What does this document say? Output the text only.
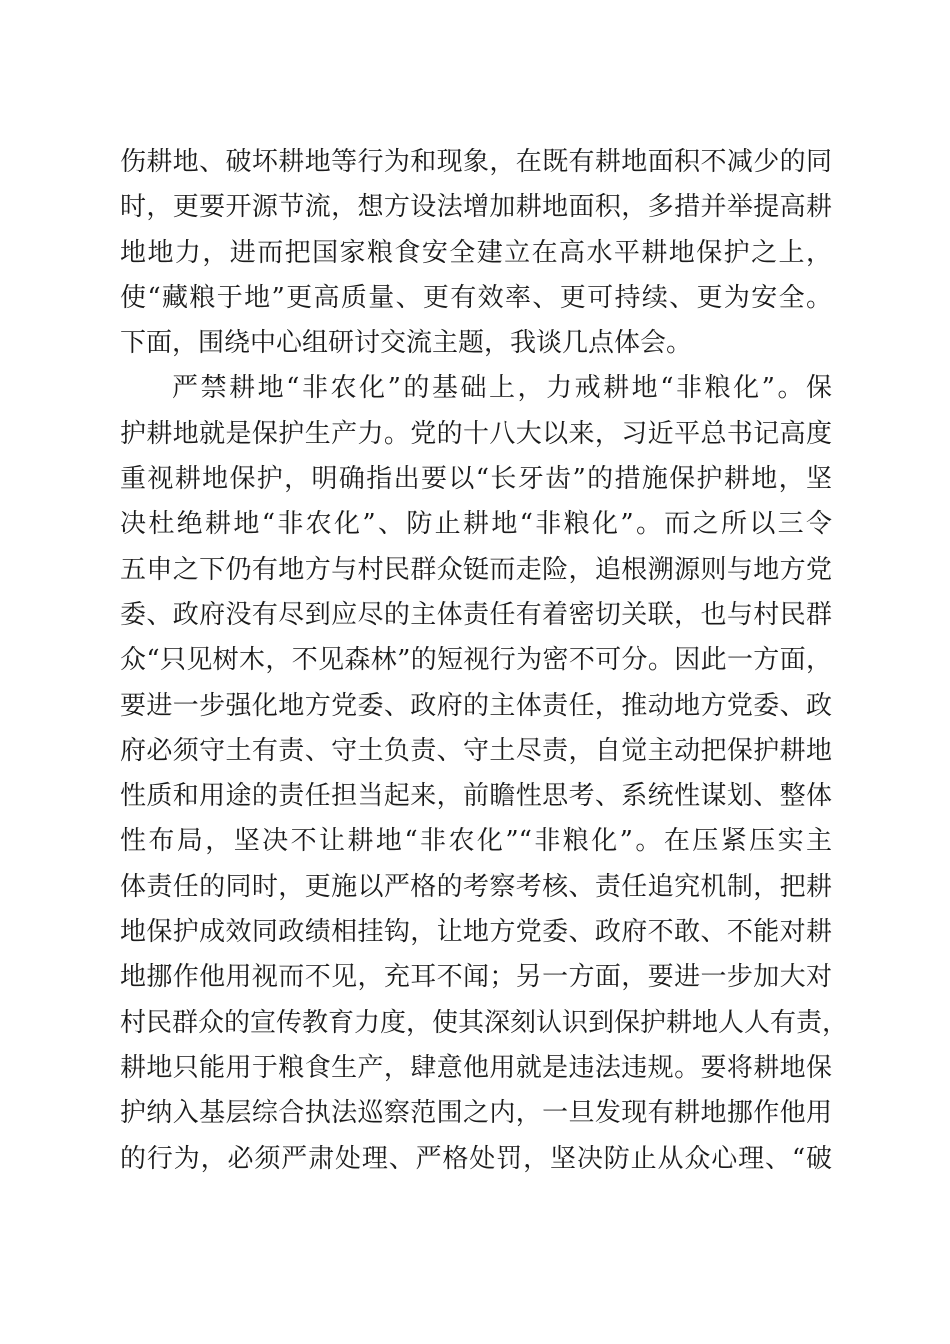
伤耕地、破坏耕地等行为和现象，在既有耕地面积不减少的同
时，更要开源节流，想方设法增加耕地面积，多措并举提高耕
地地力，进而把国家粮食安全建立在高水平耕地保护之上，
使“藏粮于地”更高质量、更有效率、更可持续、更为安全。
下面，围绕中心组研讨交流主题，我谈几点体会。
严禁耕地“非农化”的基础上，力戒耕地“非粮化”。保
护耕地就是保护生产力。党的十八大以来，习近平总书记高度
重视耕地保护，明确指出要以“长牙齿”的措施保护耕地，坚
决杜绝耕地“非农化”、防止耕地“非粮化”。而之所以三令
五申之下仍有地方与村民群众铤而走险，追根溯源则与地方党
委、政府没有尽到应尽的主体责任有着密切关联，也与村民群
众“只见树木，不见森林”的短视行为密不可分。因此一方面，
要进一步强化地方党委、政府的主体责任，推动地方党委、政
府必须守土有责、守土负责、守土尽责，自觉主动把保护耕地
性质和用途的责任担当起来，前瞻性思考、系统性谋划、整体
性布局，坚决不让耕地“非农化”“非粮化”。在压紧压实主
体责任的同时，更施以严格的考察考核、责任追究机制，把耕
地保护成效同政绩相挂钩，让地方党委、政府不敢、不能对耕
地挪作他用视而不见，充耳不闻；另一方面，要进一步加大对
村民群众的宣传教育力度，使其深刻认识到保护耕地人人有责，
耕地只能用于粮食生产，肆意他用就是违法违规。要将耕地保
护纳入基层综合执法巡察范围之内，一旦发现有耕地挪作他用
的行为，必须严肃处理、严格处罚，坚决防止从众心理、“破
